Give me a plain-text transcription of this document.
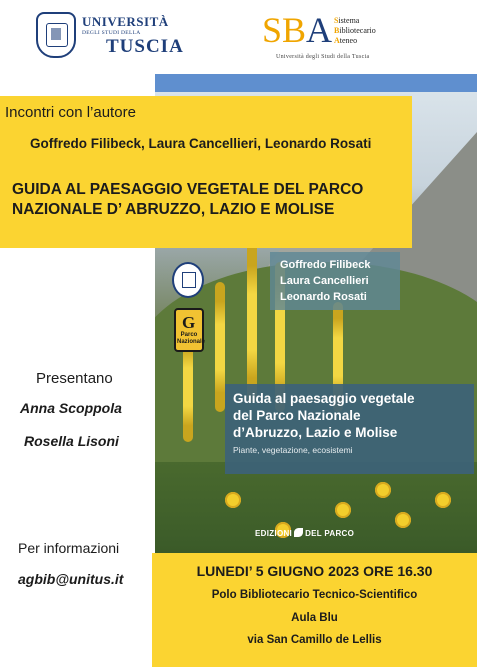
UNIVERSITÀ
DEGLI STUDI DELLA
TUSCIA SBA Sistema
Bibliotecario
Ateneo
Università degli Studi della Tuscia
G
Parco Nazionale
Goffredo Filibeck
Laura Cancellieri
Leonardo Rosati
Guida al paesaggio vegetale
del Parco Nazionale
d’Abruzzo, Lazio e Molise
Piante, vegetazione, ecosistemi
EDIZIONI DEL PARCO
Incontri con l’autore
Goffredo Filibeck, Laura Cancellieri, Leonardo Rosati
GUIDA AL PAESAGGIO VEGETALE DEL PARCO
NAZIONALE D’ ABRUZZO, LAZIO E MOLISE
Presentano
Anna Scoppola
Rosella Lisoni
Per informazioni
agbib@unitus.it	LUNEDI’ 5 GIUGNO 2023 ORE 16.30
Polo Bibliotecario Tecnico-Scientifico
Aula Blu
via San Camillo de Lellis
